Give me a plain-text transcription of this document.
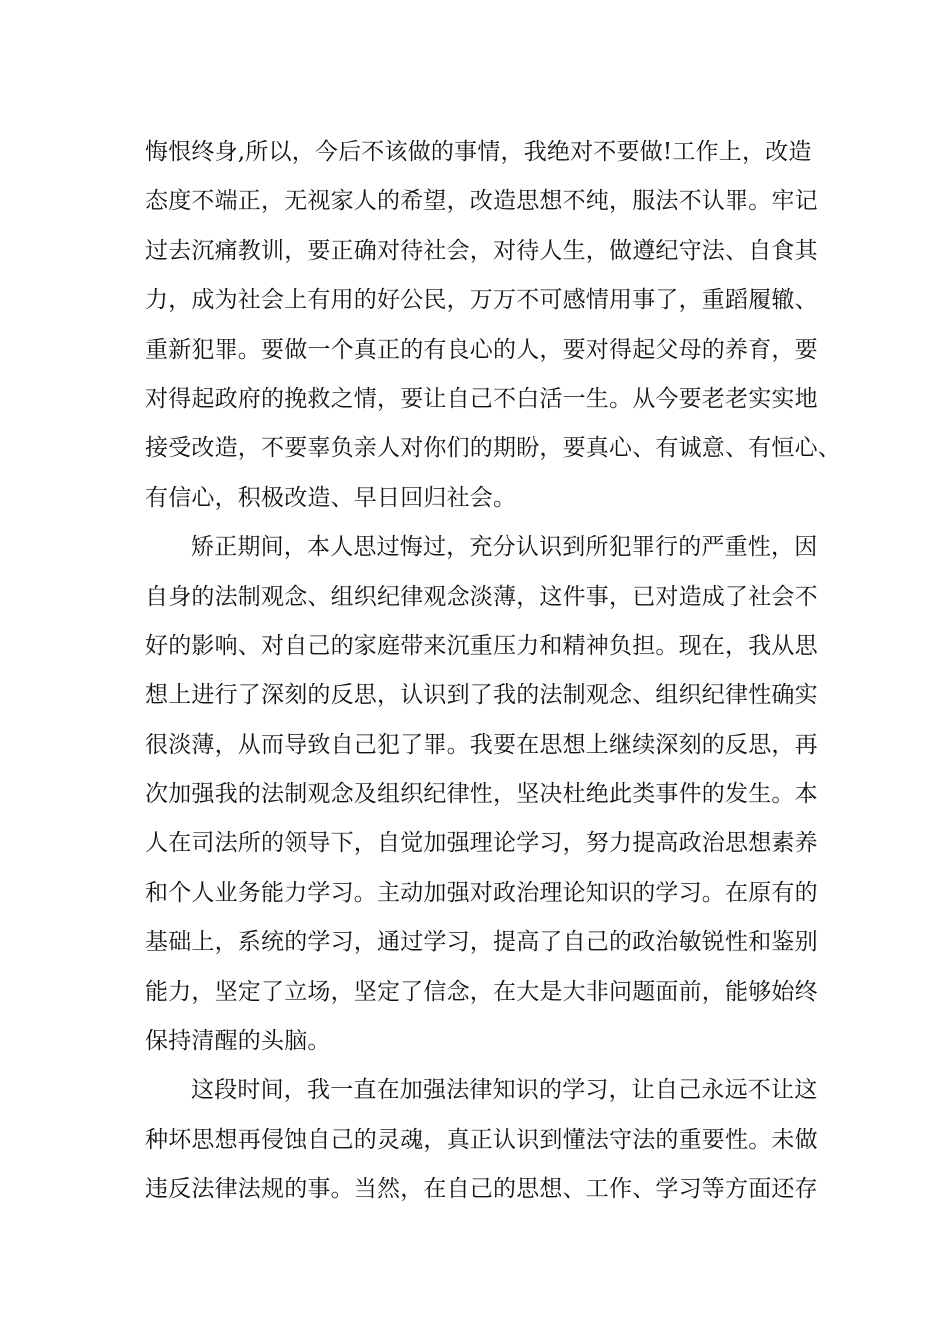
悔恨终身,所以，今后不该做的事情，我绝对不要做!工作上，改造
态度不端正，无视家人的希望，改造思想不纯，服法不认罪。牢记
过去沉痛教训，要正确对待社会，对待人生，做遵纪守法、自食其
力，成为社会上有用的好公民，万万不可感情用事了，重蹈履辙、
重新犯罪。要做一个真正的有良心的人，要对得起父母的养育，要
对得起政府的挽救之情，要让自己不白活一生。从今要老老实实地
接受改造，不要辜负亲人对你们的期盼，要真心、有诚意、有恒心、
有信心，积极改造、早日回归社会。
矫正期间，本人思过悔过，充分认识到所犯罪行的严重性，因
自身的法制观念、组织纪律观念淡薄，这件事，已对造成了社会不
好的影响、对自己的家庭带来沉重压力和精神负担。现在，我从思
想上进行了深刻的反思，认识到了我的法制观念、组织纪律性确实
很淡薄，从而导致自己犯了罪。我要在思想上继续深刻的反思，再
次加强我的法制观念及组织纪律性，坚决杜绝此类事件的发生。本
人在司法所的领导下，自觉加强理论学习，努力提高政治思想素养
和个人业务能力学习。主动加强对政治理论知识的学习。在原有的
基础上，系统的学习，通过学习，提高了自己的政治敏锐性和鉴别
能力，坚定了立场，坚定了信念，在大是大非问题面前，能够始终
保持清醒的头脑。
这段时间，我一直在加强法律知识的学习，让自己永远不让这
种坏思想再侵蚀自己的灵魂，真正认识到懂法守法的重要性。未做
违反法律法规的事。当然，在自己的思想、工作、学习等方面还存
